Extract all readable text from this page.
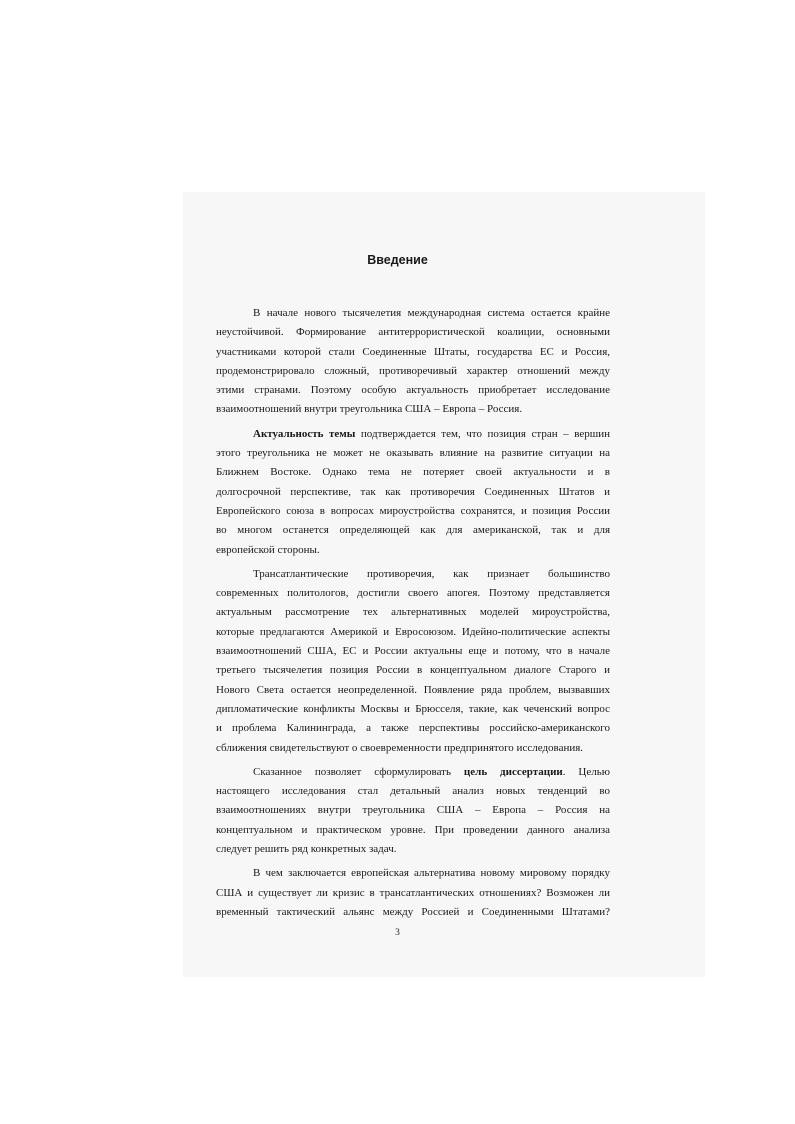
Введение
В начале нового тысячелетия международная система остается крайне
неустойчивой. Формирование антитеррористической коалиции, основными
участниками которой стали Соединенные Штаты, государства ЕС и Россия,
продемонстрировало сложный, противоречивый характер отношений между
этими странами. Поэтому особую актуальность приобретает исследование
взаимоотношений внутри треугольника США – Европа – Россия.
Актуальность темы подтверждается тем, что позиция стран – вершин
этого треугольника не может не оказывать влияние на развитие ситуации на
Ближнем Востоке. Однако тема не потеряет своей актуальности и в
долгосрочной перспективе, так как противоречия Соединенных Штатов и
Европейского союза в вопросах мироустройства сохранятся, и позиция России
во многом останется определяющей как для американской, так и для
европейской стороны.
Трансатлантические противоречия, как признает большинство
современных политологов, достигли своего апогея. Поэтому представляется
актуальным рассмотрение тех альтернативных моделей мироустройства,
которые предлагаются Америкой и Евросоюзом. Идейно-политические аспекты
взаимоотношений США, ЕС и России актуальны еще и потому, что в начале
третьего тысячелетия позиция России в концептуальном диалоге Старого и
Нового Света остается неопределенной. Появление ряда проблем, вызвавших
дипломатические конфликты Москвы и Брюсселя, такие, как чеченский вопрос
и проблема Калининграда, а также перспективы российско-американского
сближения свидетельствуют о своевременности предпринятого исследования.
Сказанное позволяет сформулировать цель диссертации. Целью
настоящего исследования стал детальный анализ новых тенденций во
взаимоотношениях внутри треугольника США – Европа – Россия на
концептуальном и практическом уровне. При проведении данного анализа
следует решить ряд конкретных задач.
В чем заключается европейская альтернатива новому мировому порядку
США и существует ли кризис в трансатлантических отношениях? Возможен ли
временный тактический альянс между Россией и Соединенными Штатами?
3
